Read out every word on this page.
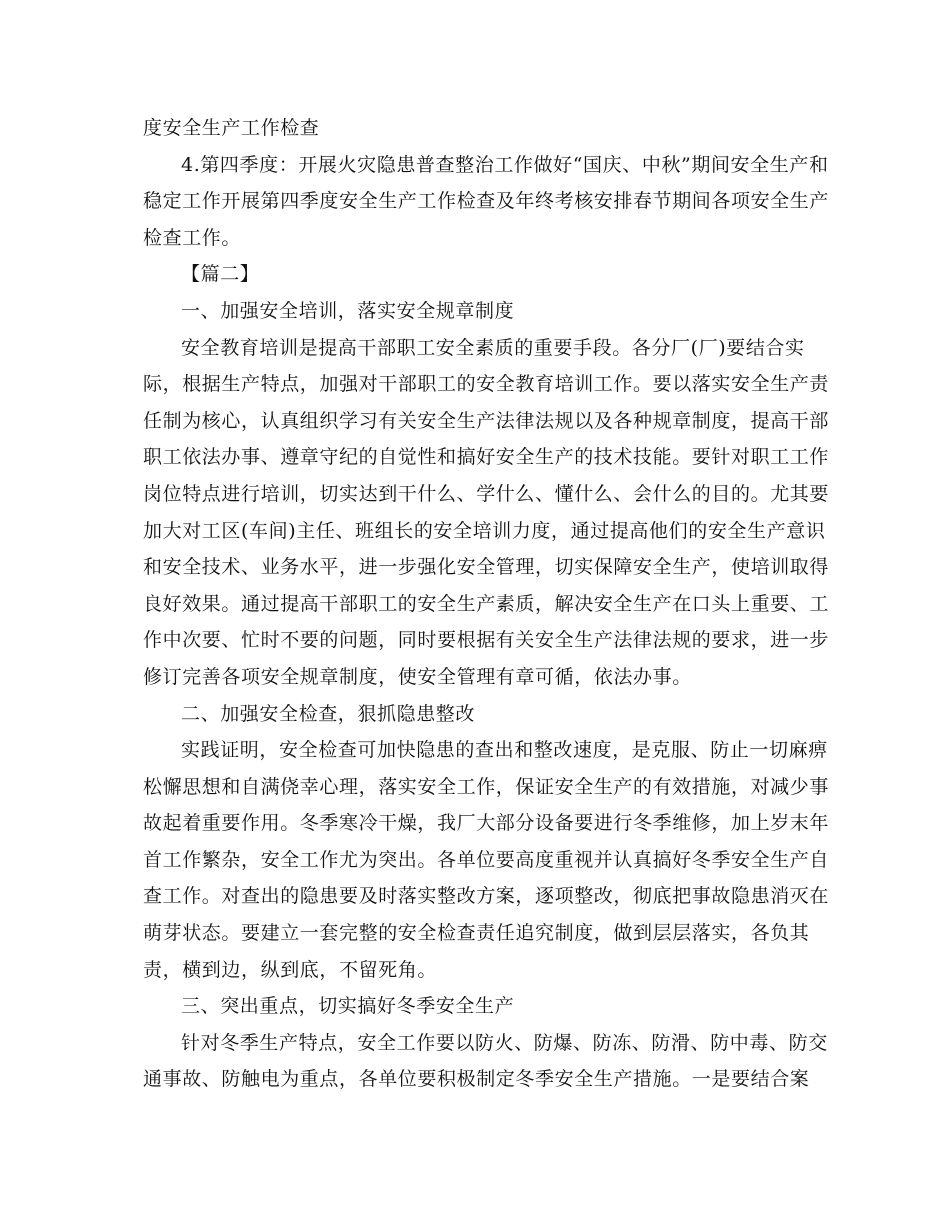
度安全生产工作检查
4.第四季度：开展火灾隐患普查整治工作做好“国庆、中秋”期间安全生产和
稳定工作开展第四季度安全生产工作检查及年终考核安排春节期间各项安全生产
检查工作。
【篇二】
一、加强安全培训，落实安全规章制度
安全教育培训是提高干部职工安全素质的重要手段。各分厂(厂)要结合实
际，根据生产特点，加强对干部职工的安全教育培训工作。要以落实安全生产责
任制为核心，认真组织学习有关安全生产法律法规以及各种规章制度，提高干部
职工依法办事、遵章守纪的自觉性和搞好安全生产的技术技能。要针对职工工作
岗位特点进行培训，切实达到干什么、学什么、懂什么、会什么的目的。尤其要
加大对工区(车间)主任、班组长的安全培训力度，通过提高他们的安全生产意识
和安全技术、业务水平，进一步强化安全管理，切实保障安全生产，使培训取得
良好效果。通过提高干部职工的安全生产素质，解决安全生产在口头上重要、工
作中次要、忙时不要的问题，同时要根据有关安全生产法律法规的要求，进一步
修订完善各项安全规章制度，使安全管理有章可循，依法办事。
二、加强安全检查，狠抓隐患整改
实践证明，安全检查可加快隐患的查出和整改速度，是克服、防止一切麻痹
松懈思想和自满侥幸心理，落实安全工作，保证安全生产的有效措施，对减少事
故起着重要作用。冬季寒冷干燥，我厂大部分设备要进行冬季维修，加上岁末年
首工作繁杂，安全工作尤为突出。各单位要高度重视并认真搞好冬季安全生产自
查工作。对查出的隐患要及时落实整改方案，逐项整改，彻底把事故隐患消灭在
萌芽状态。要建立一套完整的安全检查责任追究制度，做到层层落实，各负其
责，横到边，纵到底，不留死角。
三、突出重点，切实搞好冬季安全生产
针对冬季生产特点，安全工作要以防火、防爆、防冻、防滑、防中毒、防交
通事故、防触电为重点，各单位要积极制定冬季安全生产措施。一是要结合案
